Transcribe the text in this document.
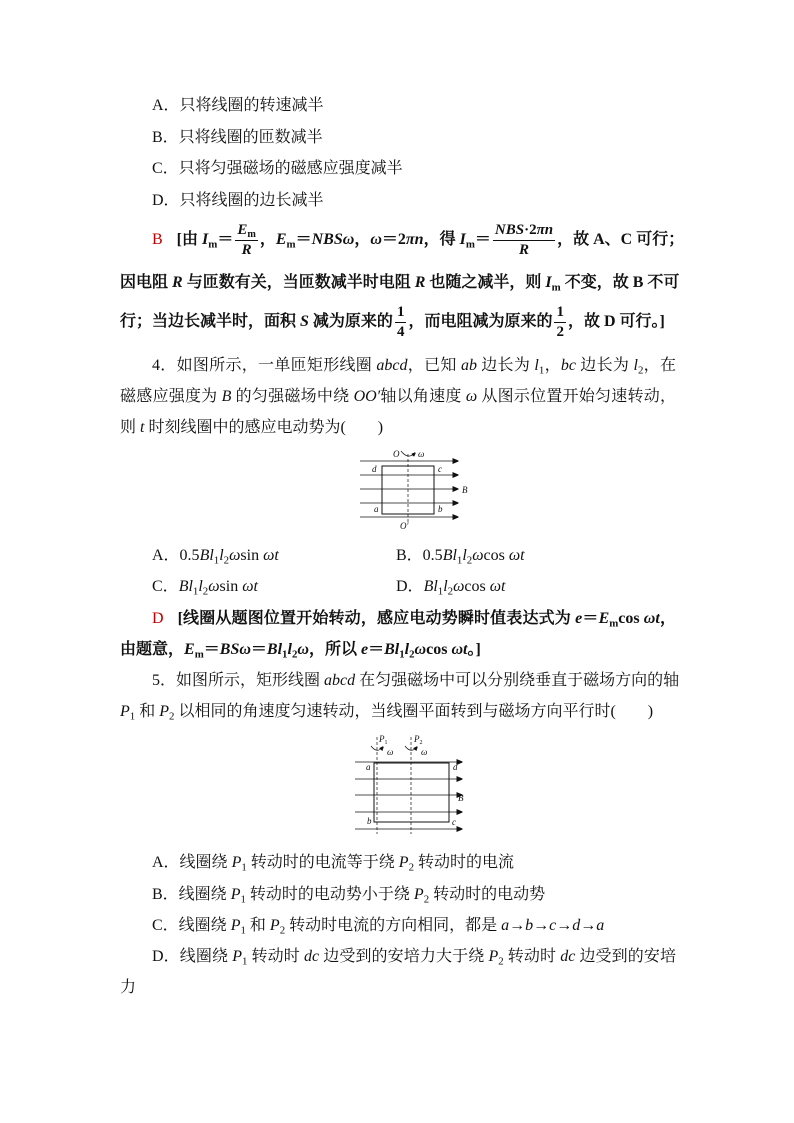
A．只将线圈的转速减半
B．只将线圈的匝数减半
C．只将匀强磁场的磁感应强度减半
D．只将线圈的边长减半
B [由 $I_m= \frac{E_m}{R}$ ，$E_m=NBS\omega$，ω＝2πn，得 $I_m= \frac{\text{NBS·2πn}}{R}$ ，故 A、C 可行；
因电阻 R 与匝数有关，当匝数减半时电阻 R 也随之减半，则 $I_m$ 不变，故 B 不可
行；当边长减半时，面积 S 减为原来的 $\frac{1}{4}$ ，而电阻减为原来的 $\frac{1}{2}$ ，故 D 可行。]
4．如图所示，一单匝矩形线圈 abcd，已知 ab 边长为 $l_1$，bc 边长为 $l_2$，在
磁感应强度为 B 的匀强磁场中绕 OO′轴以角速度 ω 从图示位置开始匀速转动，
则 t 时刻线圈中的感应电动势为(　　)
O ω
d	c
B
a	b
O′
A．$0.5Bl_1l_2\omega\sin$ ωt	B．$0.5Bl_1l_2\omega\cos$ ωt
C．$Bl_1l_2\omega\sin$ ωt	D．$Bl_1l_2\omega\cos$ ωt
D [线圈从题图位置开始转动，感应电动势瞬时值表达式为 $e=E_m\cos$ ωt，
由题意，$E_m=BS\omega=Bl_1l_2\omega$，所以 $e=Bl_1l_2\omega\cos$ ωt。]
5．如图所示，矩形线圈 abcd 在匀强磁场中可以分别绕垂直于磁场方向的轴
$P_1$ 和 $P_2$ 以相同的角速度匀速转动，当线圈平面转到与磁场方向平行时(　　)
$P_1$	$P_2$
ω	ω
a	d
B
b	c
A．线圈绕 $P_1$ 转动时的电流等于绕 $P_2$ 转动时的电流
B．线圈绕 $P_1$ 转动时的电动势小于绕 $P_2$ 转动时的电动势
C．线圈绕 $P_1$ 和 $P_2$ 转动时电流的方向相同，都是 a→b→c→d→a
D．线圈绕 $P_1$ 转动时 dc 边受到的安培力大于绕 $P_2$ 转动时 dc 边受到的安培
力
